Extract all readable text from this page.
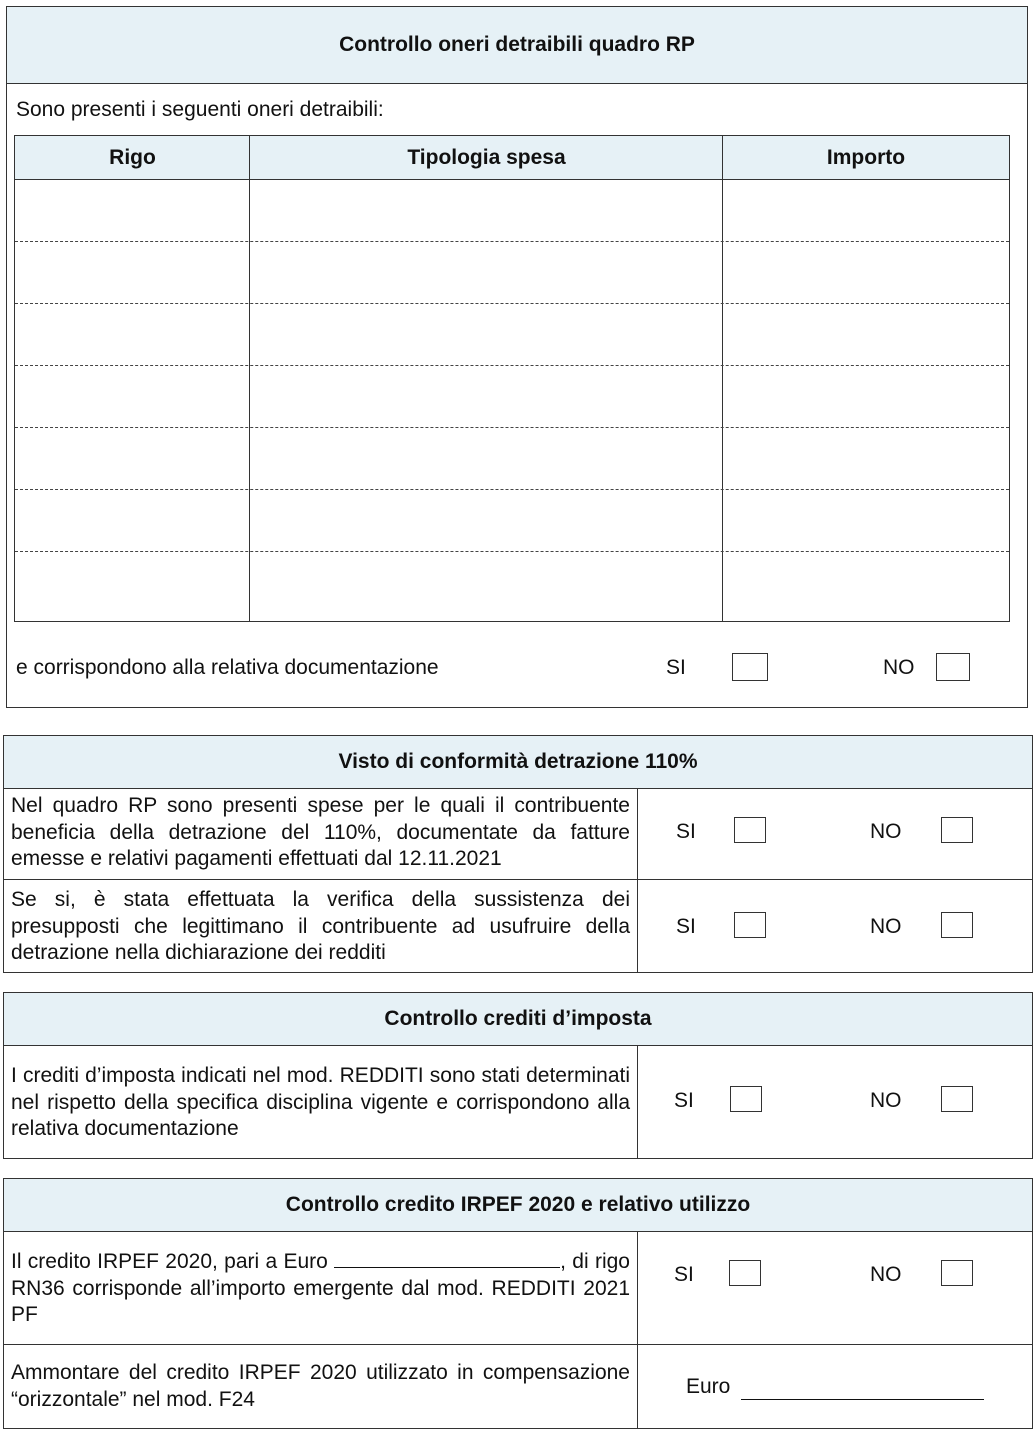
Controllo oneri detraibili quadro RP
Sono presenti i seguenti oneri detraibili:
Rigo	Tipologia spesa	Importo
e corrispondono alla relativa documentazione	SI	NO
Visto di conformità detrazione 110%
Nel quadro RP sono presenti spese per le quali il contribuente beneficia della detrazione del 110%, documentate da fatture emesse e relativi pagamenti effettuati dal 12.11.2021
SI	NO
Se si, è stata effettuata la verifica della sussistenza dei presupposti che legittimano il contribuente ad usufruire della detrazione nella dichiarazione dei redditi
SI	NO
Controllo crediti d’imposta
I crediti d’imposta indicati nel mod. REDDITI sono stati determinati nel rispetto della specifica disciplina vigente e corrispondono alla relativa documentazione
SI	NO
Controllo credito IRPEF 2020 e relativo utilizzo
Il credito IRPEF 2020, pari a Euro	, di rigo RN36 corrisponde all’importo emergente dal mod. REDDITI 2021 PF
SI	NO
Ammontare del credito IRPEF 2020 utilizzato in compensazione “orizzontale” nel mod. F24
Euro
